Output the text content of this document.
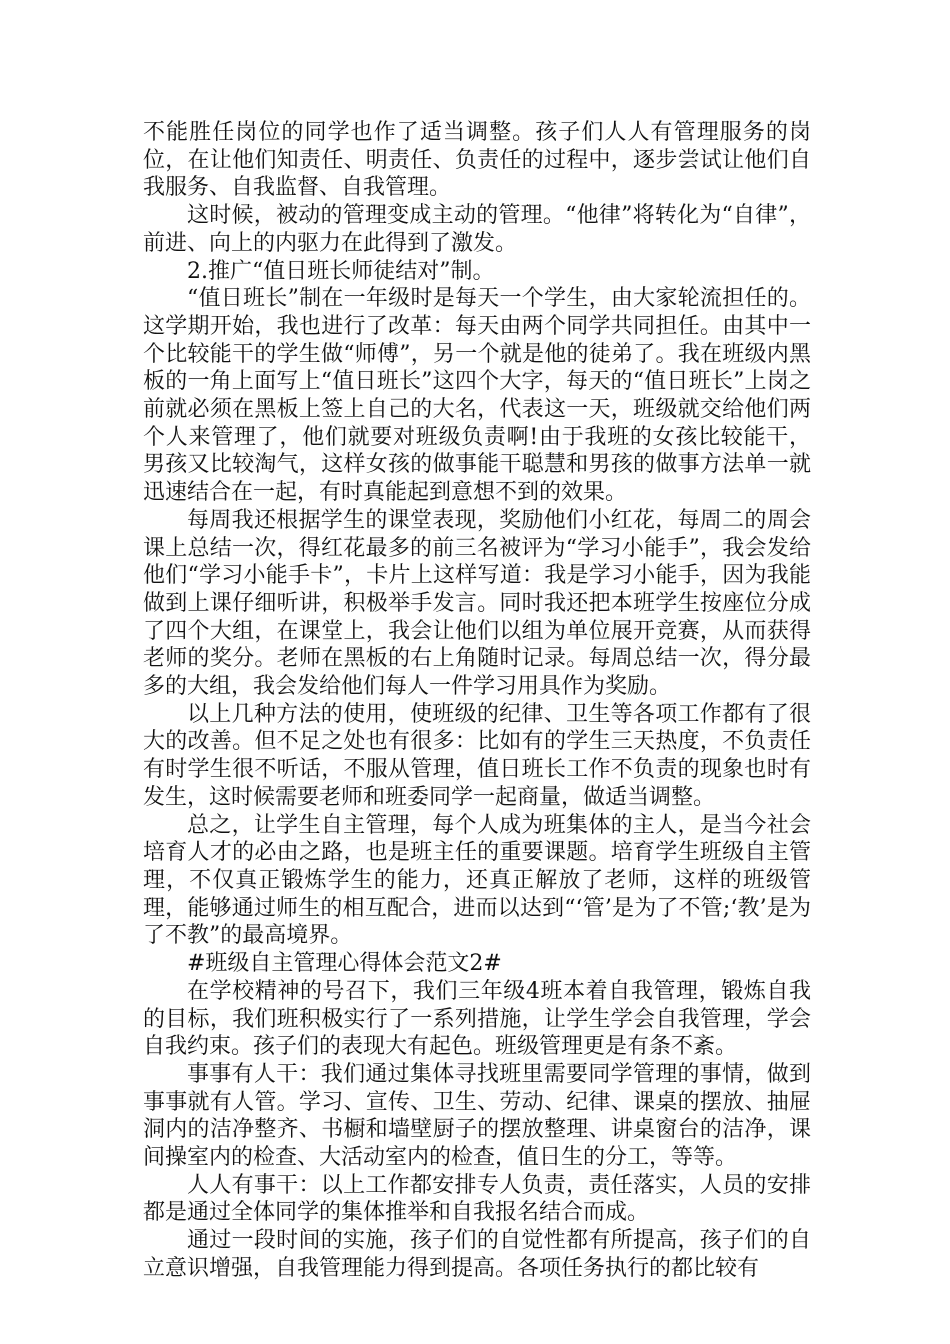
不能胜任岗位的同学也作了适当调整。孩子们人人有管理服务的岗位，在让他们知责任、明责任、负责任的过程中，逐步尝试让他们自我服务、自我监督、自我管理。

这时候，被动的管理变成主动的管理。“他律”将转化为“自律”，前进、向上的内驱力在此得到了激发。

2.推广“值日班长师徒结对”制。

“值日班长”制在一年级时是每天一个学生，由大家轮流担任的。这学期开始，我也进行了改革：每天由两个同学共同担任。由其中一个比较能干的学生做“师傅”，另一个就是他的徒弟了。我在班级内黑板的一角上面写上“值日班长”这四个大字，每天的“值日班长”上岗之前就必须在黑板上签上自己的大名，代表这一天，班级就交给他们两个人来管理了，他们就要对班级负责啊!由于我班的女孩比较能干，男孩又比较淘气，这样女孩的做事能干聪慧和男孩的做事方法单一就迅速结合在一起，有时真能起到意想不到的效果。

每周我还根据学生的课堂表现，奖励他们小红花，每周二的周会课上总结一次，得红花最多的前三名被评为“学习小能手”，我会发给他们“学习小能手卡”，卡片上这样写道：我是学习小能手，因为我能做到上课仔细听讲，积极举手发言。同时我还把本班学生按座位分成了四个大组，在课堂上，我会让他们以组为单位展开竞赛，从而获得老师的奖分。老师在黑板的右上角随时记录。每周总结一次，得分最多的大组，我会发给他们每人一件学习用具作为奖励。

以上几种方法的使用，使班级的纪律、卫生等各项工作都有了很大的改善。但不足之处也有很多：比如有的学生三天热度，不负责任有时学生很不听话，不服从管理，值日班长工作不负责的现象也时有发生，这时候需要老师和班委同学一起商量，做适当调整。

总之，让学生自主管理，每个人成为班集体的主人，是当今社会培育人才的必由之路，也是班主任的重要课题。培育学生班级自主管理，不仅真正锻炼学生的能力，还真正解放了老师，这样的班级管理，能够通过师生的相互配合，进而以达到“‘管’是为了不管;‘教’是为了不教”的最高境界。

#班级自主管理心得体会范文2#

在学校精神的号召下，我们三年级4班本着自我管理，锻炼自我的目标，我们班积极实行了一系列措施，让学生学会自我管理，学会自我约束。孩子们的表现大有起色。班级管理更是有条不紊。

事事有人干：我们通过集体寻找班里需要同学管理的事情，做到事事就有人管。学习、宣传、卫生、劳动、纪律、课桌的摆放、抽屉洞内的洁净整齐、书橱和墙壁厨子的摆放整理、讲桌窗台的洁净，课间操室内的检查、大活动室内的检查，值日生的分工，等等。

人人有事干：以上工作都安排专人负责，责任落实，人员的安排都是通过全体同学的集体推举和自我报名结合而成。

通过一段时间的实施，孩子们的自觉性都有所提高，孩子们的自立意识增强，自我管理能力得到提高。各项任务执行的都比较有
